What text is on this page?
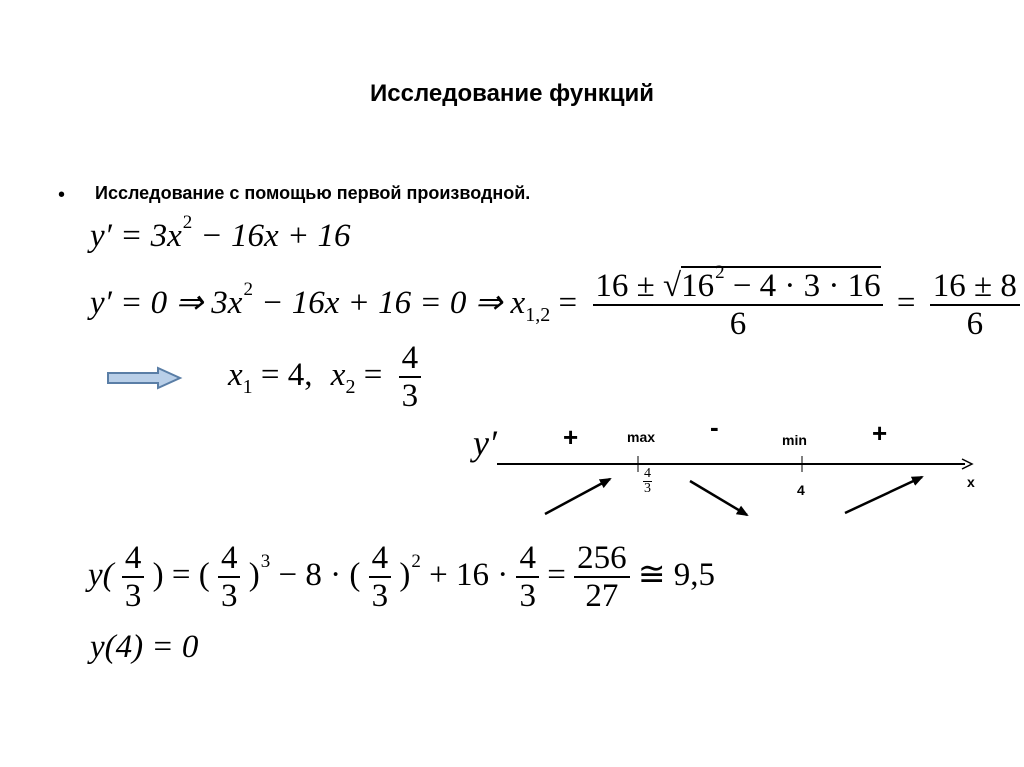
Исследование функций
• Исследование с помощью первой производной.
$y' = 3x^2 - 16x + 16$
y′ = 0 ⇒ $3x^2 - 16x + 16 = 0$ ⇒ $x_{1,2} = \frac{16 \pm √16^2 - 4 \cdot 3 \cdot 16}{6} = \frac{16 \pm 8}{6}$
$x_1 = 4$, $x_2 = \frac{4}{3}$
y′	+	-	+
max	min
x
$\frac{4}{3}$	4
$y( \frac{4}{3}$ ) = ( $\frac{4}{3} )^3 - 8$ · ( $\frac{4}{3} )^2 + 16 \cdot \frac{4}{3} = \frac{256}{27}$ ≅ 9,5
y(4) = 0
